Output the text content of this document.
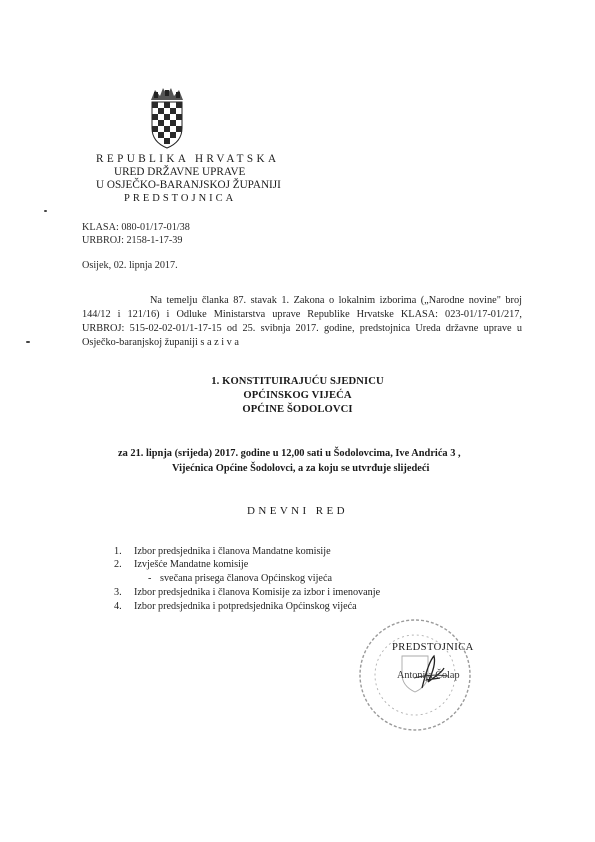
REPUBLIKA HRVATSKA
URED DRŽAVNE UPRAVE
U OSJEČKO-BARANJSKOJ ŽUPANIJI
PREDSTOJNICA
KLASA: 080-01/17-01/38
URBROJ: 2158-1-17-39
Osijek, 02. lipnja 2017.
Na temelju članka 87. stavak 1. Zakona o lokalnim izborima („Narodne novine" broj 144/12 i 121/16) i Odluke Ministarstva uprave Republike Hrvatske KLASA: 023-01/17-01/217, URBROJ: 515-02-02-01/1-17-15 od 25. svibnja 2017. godine, predstojnica Ureda državne uprave u Osječko-baranjskoj županiji s a z i v a
1. KONSTITUIRAJUĆU SJEDNICU
OPĆINSKOG VIJEĆA
OPĆINE ŠODOLOVCI
za 21. lipnja (srijeda) 2017. godine u 12,00 sati u Šodolovcima, Ive Andrića 3 ,
Vijećnica Općine Šodolovci, a za koju se utvrđuje slijedeći
DNEVNI RED
1. Izbor predsjednika i članova Mandatne komisije
2. Izvješće Mandatne komisije
- svečana prisega članova Općinskog vijeća
3. Izbor predsjednika i članova Komisije za izbor i imenovanje
4. Izbor predsjednika i potpredsjednika Općinskog vijeća
PREDSTOJNICA
Antonija Čolap
